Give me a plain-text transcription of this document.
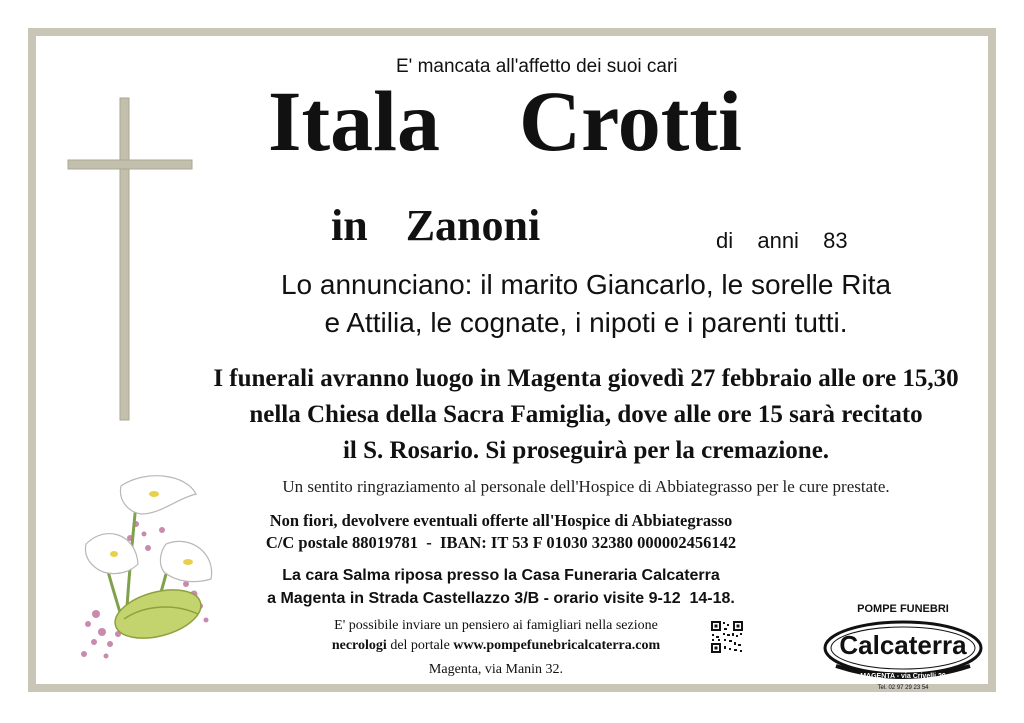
E' mancata all'affetto dei suoi cari
Itala  Crotti
in  Zanoni	di  anni  83
Lo annunciano: il marito Giancarlo, le sorelle Rita
e Attilia, le cognate, i nipoti e i parenti tutti.
I funerali avranno luogo in Magenta giovedì 27 febbraio alle ore 15,30
nella Chiesa della Sacra Famiglia, dove alle ore 15 sarà recitato
il S. Rosario. Si proseguirà per la cremazione.
Un sentito ringraziamento al personale dell'Hospice di Abbiategrasso per le cure prestate.
Non fiori, devolvere eventuali offerte all'Hospice di Abbiategrasso
C/C postale 88019781  -  IBAN: IT 53 F 01030 32380 000002456142
La cara Salma riposa presso la Casa Funeraria Calcaterra
a Magenta in Strada Castellazzo 3/B - orario visite 9-12  14-18.
E' possibile inviare un pensiero ai famigliari nella sezione
necrologi del portale www.pompefunebricalcaterra.com
Magenta, via Manin 32.
POMPE FUNEBRI
Calcaterra
MAGENTA - via Crivelli 29
Tel. 02 97 29 23 54
